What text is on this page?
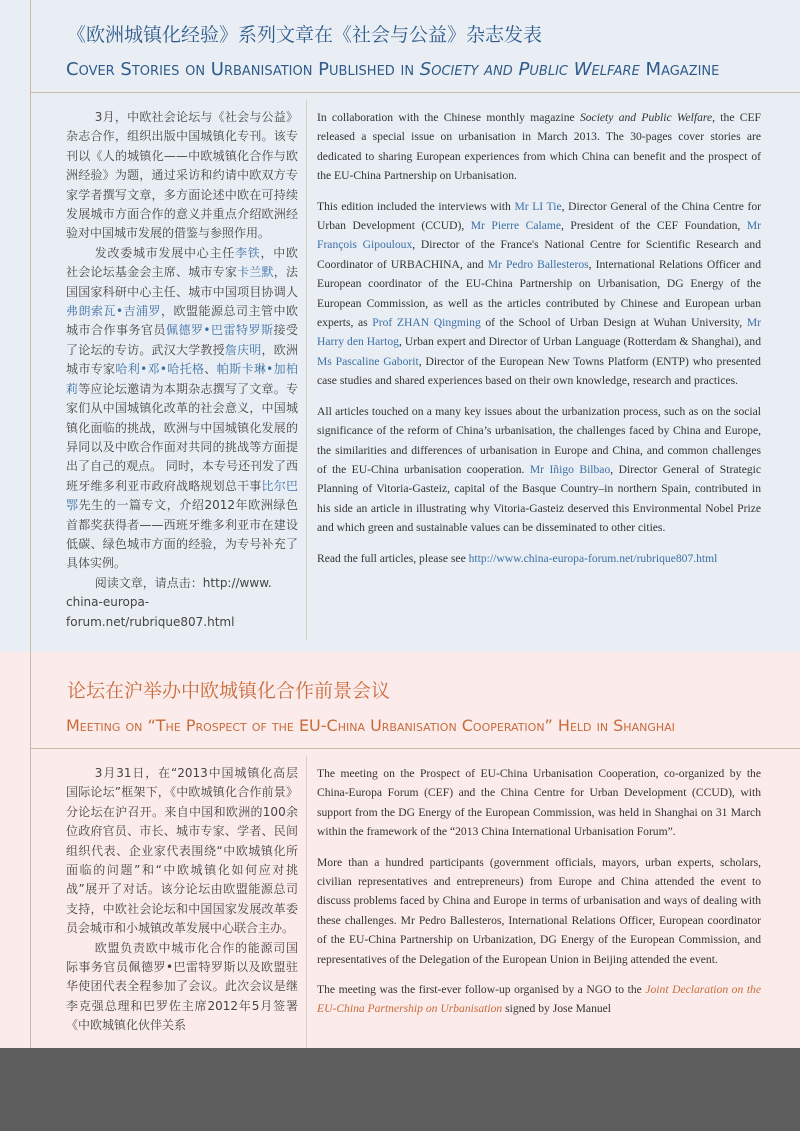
《欧洲城镇化经验》系列文章在《社会与公益》杂志发表
Cover Stories on Urbanisation Published in Society and Public Welfare Magazine

3月，中欧社会论坛与《社会与公益》杂志合作，组织出版中国城镇化专刊。该专刊以《人的城镇化——中欧城镇化合作与欧洲经验》为题，通过采访和约请中欧双方专家学者撰写文章，多方面论述中欧在可持续发展城市方面合作的意义并重点介绍欧洲经验对中国城市发展的借鉴与参照作用。

发改委城市发展中心主任李铁，中欧社会论坛基金会主席、城市专家卡兰默，法国国家科研中心主任、城市中国项目协调人弗朗索瓦•吉浦罗，欧盟能源总司主管中欧城市合作事务官员佩德罗•巴雷特罗斯接受了论坛的专访。武汉大学教授詹庆明，欧洲城市专家哈利•邓•哈托格、帕斯卡琳•加柏莉等应论坛邀请为本期杂志撰写了文章。专家们从中国城镇化改革的社会意义，中国城镇化面临的挑战，欧洲与中国城镇化发展的异同以及中欧合作面对共同的挑战等方面提出了自己的观点。 同时，本专号还刊发了西班牙维多利亚市政府战略规划总干事比尔巴鄂先生的一篇专文，介绍2012年欧洲绿色首都奖获得者——西班牙维多利亚市在建设低碳、绿色城市方面的经验，为专号补充了具体实例。

阅读文章，请点击：http://www.

china-europa-forum.net/rubrique807.html

In collaboration with the Chinese monthly magazine Society and Public Welfare, the CEF released a special issue on urbanisation in March 2013. The 30-pages cover stories are dedicated to sharing European experiences from which China can benefit and the prospect of the EU-China Partnership on Urbanisation.

This edition included the interviews with Mr LI Tie, Director General of the China Centre for Urban Development (CCUD), Mr Pierre Calame, President of the CEF Foundation, Mr François Gipouloux, Director of the France's National Centre for Scientific Research and Coordinator of URBACHINA, and Mr Pedro Ballesteros, International Relations Officer and European coordinator of the EU-China Partnership on Urbanisation, DG Energy of the European Commission, as well as the articles contributed by Chinese and European urban experts, as Prof ZHAN Qingming of the School of Urban Design at Wuhan University, Mr Harry den Hartog, Urban expert and Director of Urban Language (Rotterdam & Shanghai), and Ms Pascaline Gaborit, Director of the European New Towns Platform (ENTP) who presented case studies and shared experiences based on their own knowledge, research and practices.

All articles touched on a many key issues about the urbanization process, such as on the social significance of the reform of China’s urbanisation, the challenges faced by China and Europe, the similarities and differences of urbanisation in Europe and China, and common challenges of the EU-China urbanisation cooperation. Mr Iñigo Bilbao, Director General of Strategic Planning of Vitoria-Gasteiz, capital of the Basque Country–in northern Spain, contributed in his side an article in illustrating why Vitoria-Gasteiz deserved this Environmental Nobel Prize and which green and sustainable values can be disseminated to other cities.

Read the full articles, please see http://www.china-europa-forum.net/rubrique807.html

论坛在沪举办中欧城镇化合作前景会议
Meeting on “The Prospect of the EU-China Urbanisation Cooperation” Held in Shanghai

3月31日，在“2013中国城镇化高层国际论坛”框架下，《中欧城镇化合作前景》分论坛在沪召开。来自中国和欧洲的100余位政府官员、市长、城市专家、学者、民间组织代表、企业家代表围绕“中欧城镇化所面临的问题”和“中欧城镇化如何应对挑战”展开了对话。该分论坛由欧盟能源总司支持，中欧社会论坛和中国国家发展改革委员会城市和小城镇改革发展中心联合主办。

欧盟负责欧中城市化合作的能源司国际事务官员佩德罗•巴雷特罗斯以及欧盟驻华使团代表全程参加了会议。此次会议是继李克强总理和巴罗佐主席2012年5月签署《中欧城镇化伙伴关系

The meeting on the Prospect of EU-China Urbanisation Cooperation, co-organized by the China-Europa Forum (CEF) and the China Centre for Urban Development (CCUD), with support from the DG Energy of the European Commission, was held in Shanghai on 31 March within the framework of the “2013 China International Urbanisation Forum”.

More than a hundred participants (government officials, mayors, urban experts, scholars, civilian representatives and entrepreneurs) from Europe and China attended the event to discuss problems faced by China and Europe in terms of urbanisation and ways of dealing with these challenges. Mr Pedro Ballesteros, International Relations Officer, European coordinator of the EU-China Partnership on Urbanization, DG Energy of the European Commission, and representatives of the Delegation of the European Union in Beijing attended the event.

The meeting was the first-ever follow-up organised by a NGO to the Joint Declaration on the EU-China Partnership on Urbanisation signed by Jose Manuel
